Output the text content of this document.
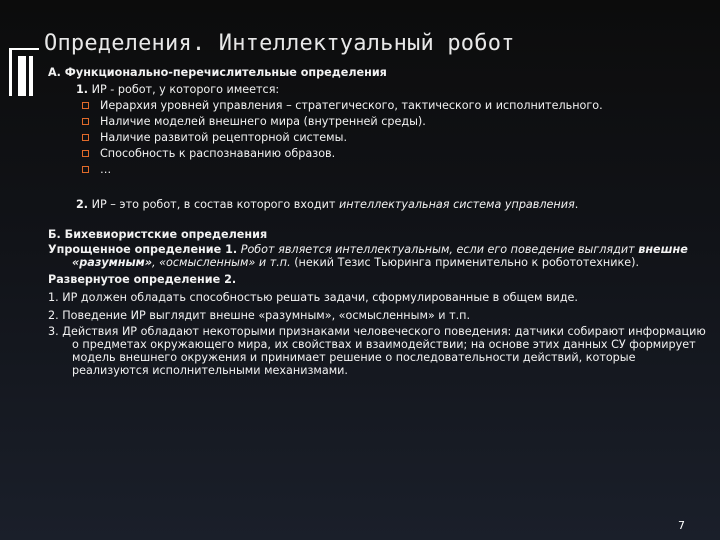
Определения. Интеллектуальный робот
А. Функционально-перечислительные определения
1. ИР - робот, у которого имеется:
Иерархия уровней управления – стратегического, тактического и исполнительного.
Наличие моделей внешнего мира (внутренней среды).
Наличие развитой рецепторной системы.
Способность к распознаванию образов.
…
2. ИР – это робот, в состав которого входит интеллектуальная система управления.
Б. Бихевиористские определения
Упрощенное определение 1. Робот является интеллектуальным, если его поведение выглядит внешне «разумным», «осмысленным» и т.п. (некий Тезис Тьюринга применительно к робототехнике).
Развернутое определение 2.
1. ИР должен обладать способностью решать задачи, сформулированные в общем виде.
2. Поведение ИР выглядит внешне «разумным», «осмысленным» и т.п.
3. Действия ИР обладают некоторыми признаками человеческого поведения: датчики собирают информацию о предметах окружающего мира, их свойствах и взаимодействии; на основе этих данных СУ формирует модель внешнего окружения и принимает решение о последовательности действий, которые реализуются исполнительными механизмами.
7
